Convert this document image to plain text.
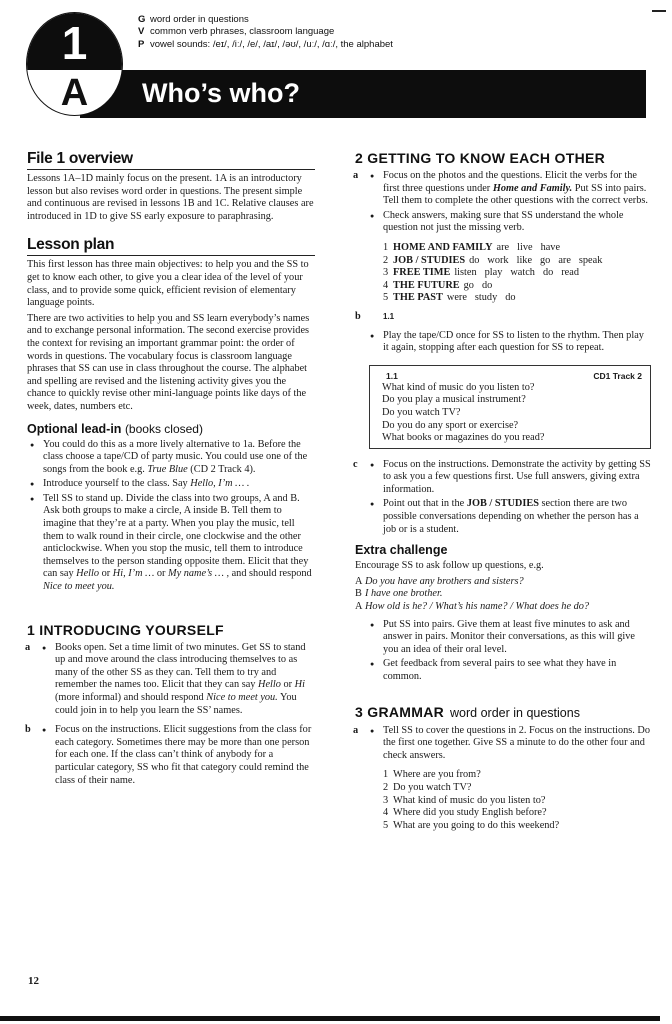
1
A
G word order in questions
V common verb phrases, classroom language
P vowel sounds: /eɪ/, /iː/, /e/, /aɪ/, /əʊ/, /uː/, /ɑː/, the alphabet
Who’s who?
File 1 overview

Lessons 1A–1D mainly focus on the present. 1A is an introductory lesson but also revises word order in questions. The present simple and continuous are revised in lessons 1B and 1C. Relative clauses are introduced in 1D to give SS early exposure to paraphrasing.

Lesson plan

This first lesson has three main objectives: to help you and the SS to get to know each other, to give you a clear idea of the level of your class, and to provide some quick, efficient revision of elementary language points.

There are two activities to help you and SS learn everybody’s names and to exchange personal information. The second exercise provides the context for revising an important grammar point: the order of words in questions. The vocabulary focus is classroom language phrases that SS can use in class throughout the course. The alphabet and spelling are revised and the listening activity gives you the chance to quickly revise other mini-language points like days of the week, dates, numbers etc.

Optional lead-in (books closed)
● You could do this as a more lively alternative to 1a. Before the class choose a tape/CD of party music. You could use one of the songs from the book e.g. True Blue (CD 2 Track 4).
● Introduce yourself to the class. Say Hello, I’m … .
● Tell SS to stand up. Divide the class into two groups, A and B. Ask both groups to make a circle, A inside B. Tell them to imagine that they’re at a party. When you play the music, tell them to walk round in their circle, one clockwise and the other anticlockwise. When you stop the music, tell them to introduce themselves to the person standing opposite them. Elicit that they can say Hello or Hi, I’m … or My name’s … , and should respond Nice to meet you.
1 INTRODUCING YOURSELF
a	● Books open. Set a time limit of two minutes. Get SS to stand up and move around the class introducing themselves to as many of the other SS as they can. Tell them to try and remember the names too. Elicit that they can say Hello or Hi (more informal) and should respond Nice to meet you. You could join in to help you learn the SS’ names.
b	● Focus on the instructions. Elicit suggestions from the class for each category. Sometimes there may be more than one person for each one. If the class can’t think of anybody for a particular category, SS who fit that category could remind the class of their name.
2 GETTING TO KNOW EACH OTHER
a	● Focus on the photos and the questions. Elicit the verbs for the first three questions under Home and Family. Put SS into pairs. Tell them to complete the other questions with the correct verbs.
● Check answers, making sure that SS understand the whole question not just the missing verb.
1 HOME AND FAMILY are live have
2 JOB / STUDIES do work like go are speak
3 FREE TIME listen play watch do read
4 THE FUTURE go do
5 THE PAST were study do
b	1.1
● Play the tape/CD once for SS to listen to the rhythm. Then play it again, stopping after each question for SS to repeat.
1.1	CD1 Track 2
What kind of music do you listen to?
Do you play a musical instrument?
Do you watch TV?
Do you do any sport or exercise?
What books or magazines do you read?
c	● Focus on the instructions. Demonstrate the activity by getting SS to ask you a few questions first. Use full answers, giving extra information.
● Point out that in the JOB / STUDIES section there are two possible conversations depending on whether the person has a job or is a student.
Extra challenge

Encourage SS to ask follow up questions, e.g.

A Do you have any brothers and sisters?
B I have one brother.
A How old is he? / What’s his name? / What does he do?
● Put SS into pairs. Give them at least five minutes to ask and answer in pairs. Monitor their conversations, as this will give you an idea of their oral level.
● Get feedback from several pairs to see what they have in common.
3 GRAMMAR word order in questions
a	● Tell SS to cover the questions in 2. Focus on the instructions. Do the first one together. Give SS a minute to do the other four and check answers.
1 Where are you from?
2 Do you watch TV?
3 What kind of music do you listen to?
4 Where did you study English before?
5 What are you going to do this weekend?
12
